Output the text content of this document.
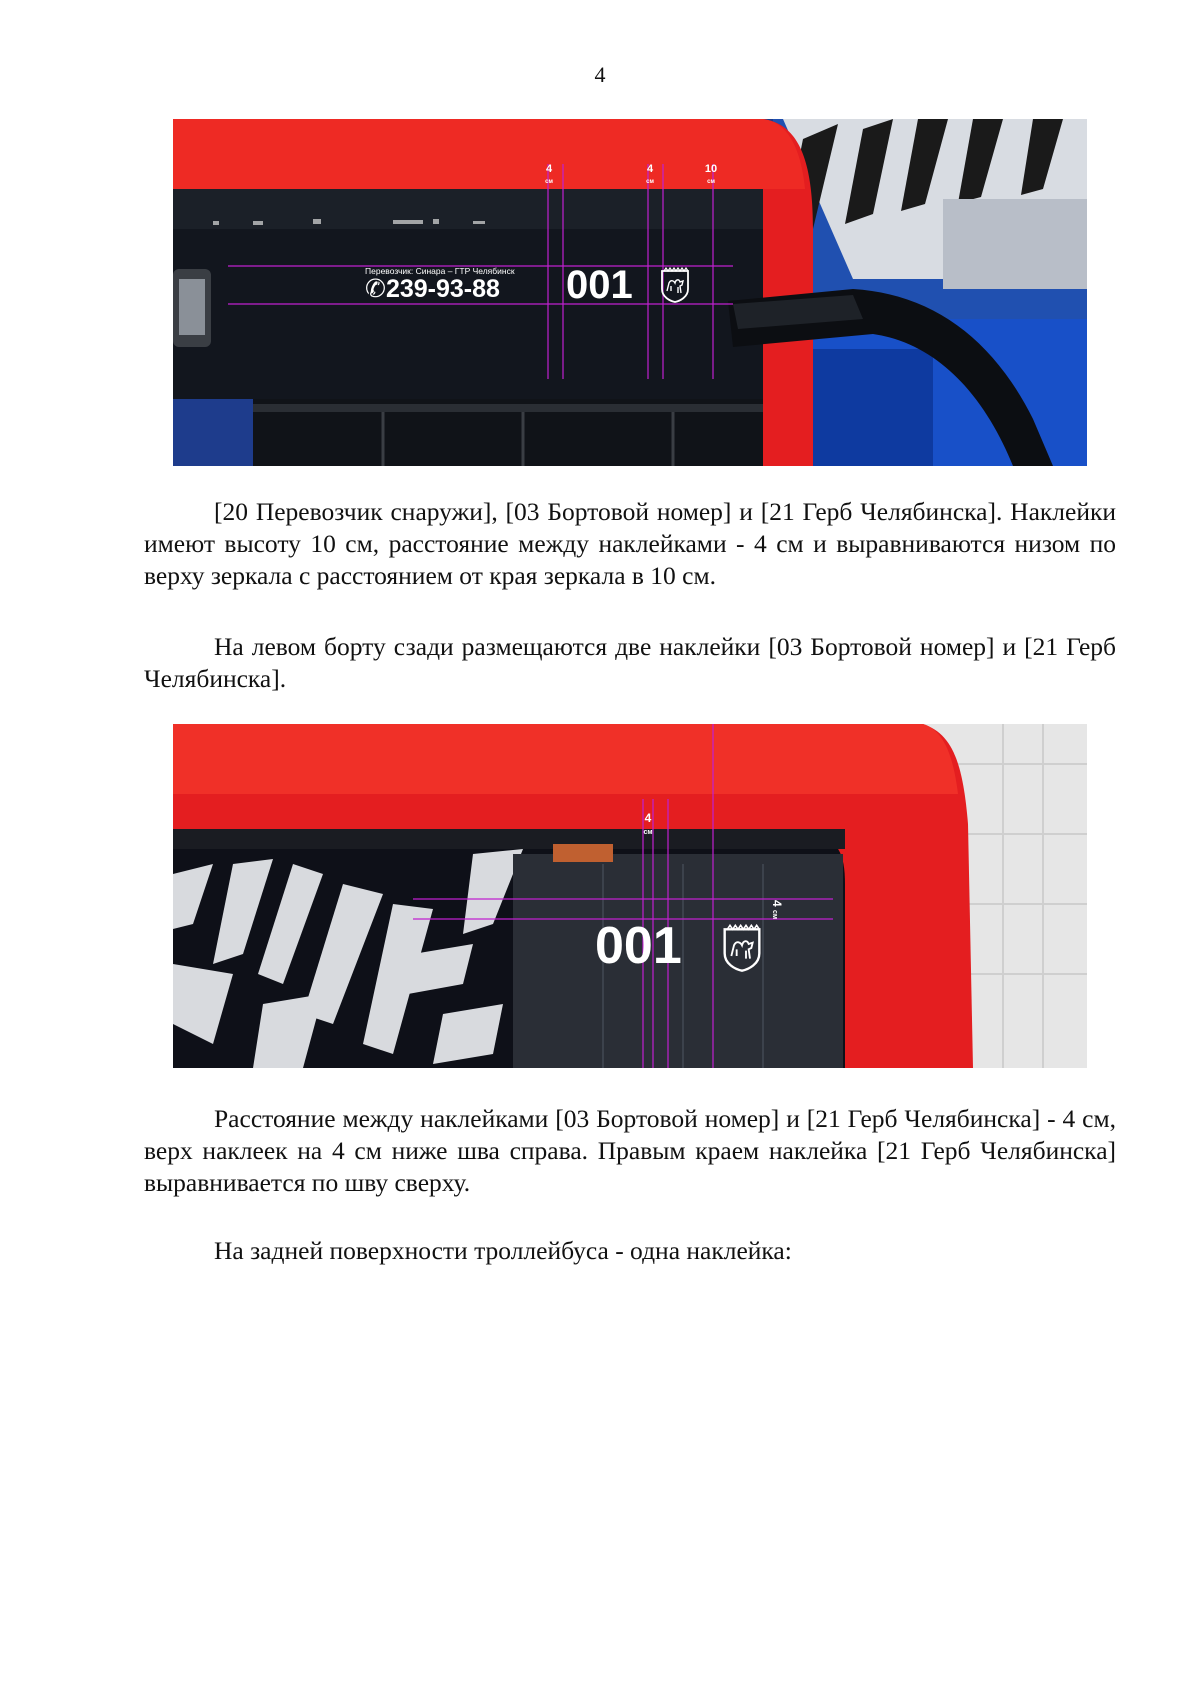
4
4
см
4
см
10
см
Перевозчик: Синара – ГТР Челябинск
✆239-93-88 001

[20 Перевозчик снаружи], [03 Бортовой номер] и [21 Герб Челябинска]. Наклейки имеют высоту 10 см, расстояние между наклейками - 4 см и выравниваются низом по верху зеркала с расстоянием от края зеркала в 10 см.

На левом борту сзади размещаются две наклейки [03 Бортовой номер] и [21 Герб Челябинска].

4
см
4 см
001

Расстояние между наклейками [03 Бортовой номер] и [21 Герб Челябинска] - 4 см, верх наклеек на 4 см ниже шва справа. Правым краем наклейка [21 Герб Челябинска] выравнивается по шву сверху.

На задней поверхности троллейбуса - одна наклейка:
